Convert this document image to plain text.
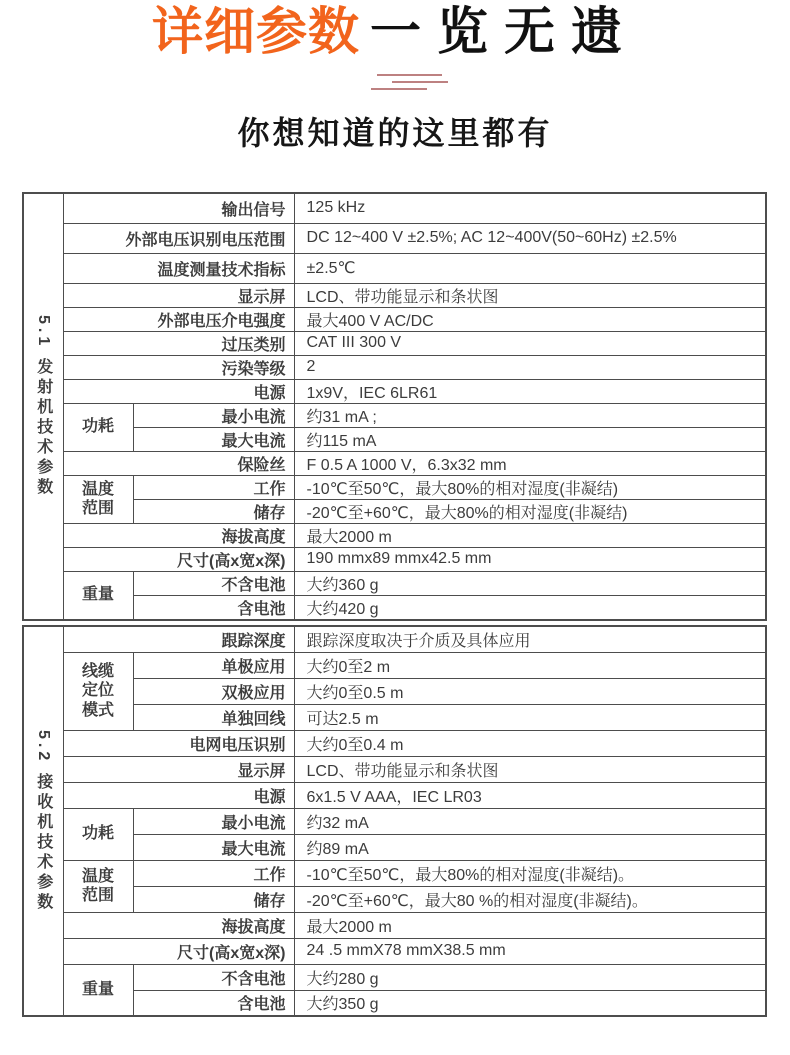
详细参数 一览无遗
你想知道的这里都有
5.1 发射机技术参数	输出信号		125 kHz
	外部电压识别电压范围		DC 12~400 V ±2.5%; AC 12~400V(50~60Hz) ±2.5%
	温度测量技术指标		±2.5℃
	显示屏		LCD、带功能显示和条状图
	外部电压介电强度		最大400 V AC/DC
	过压类别		CAT III 300 V
	污染等级		2
	电源		1x9V，IEC 6LR61
	功耗	最小电流	约31 mA ;
		最大电流	约115 mA
	保险丝		F 0.5 A 1000 V，6.3x32 mm
	温度
范围	工作	-10℃至50℃，最大80%的相对湿度(非凝结)
		储存	-20℃至+60℃，最大80%的相对湿度(非凝结)
	海拔高度		最大2000 m
	尺寸(高x宽x深)		190 mmx89 mmx42.5 mm
	重量	不含电池	大约360 g
		含电池	大约420 g
5.2 接收机技术参数	跟踪深度		跟踪深度取决于介质及具体应用
	线缆
定位
模式	单极应用	大约0至2 m
		双极应用	大约0至0.5 m
		单独回线	可达2.5 m
	电网电压识别		大约0至0.4 m
	显示屏		LCD、带功能显示和条状图
	电源		6x1.5 V AAA，IEC LR03
	功耗	最小电流	约32 mA
		最大电流	约89 mA
	温度
范围	工作	-10℃至50℃，最大80%的相对湿度(非凝结)。
		储存	-20℃至+60℃，最大80 %的相对湿度(非凝结)。
	海拔高度		最大2000 m
	尺寸(高x宽x深)		24 .5 mmX78 mmX38.5 mm
	重量	不含电池	大约280 g
		含电池	大约350 g
